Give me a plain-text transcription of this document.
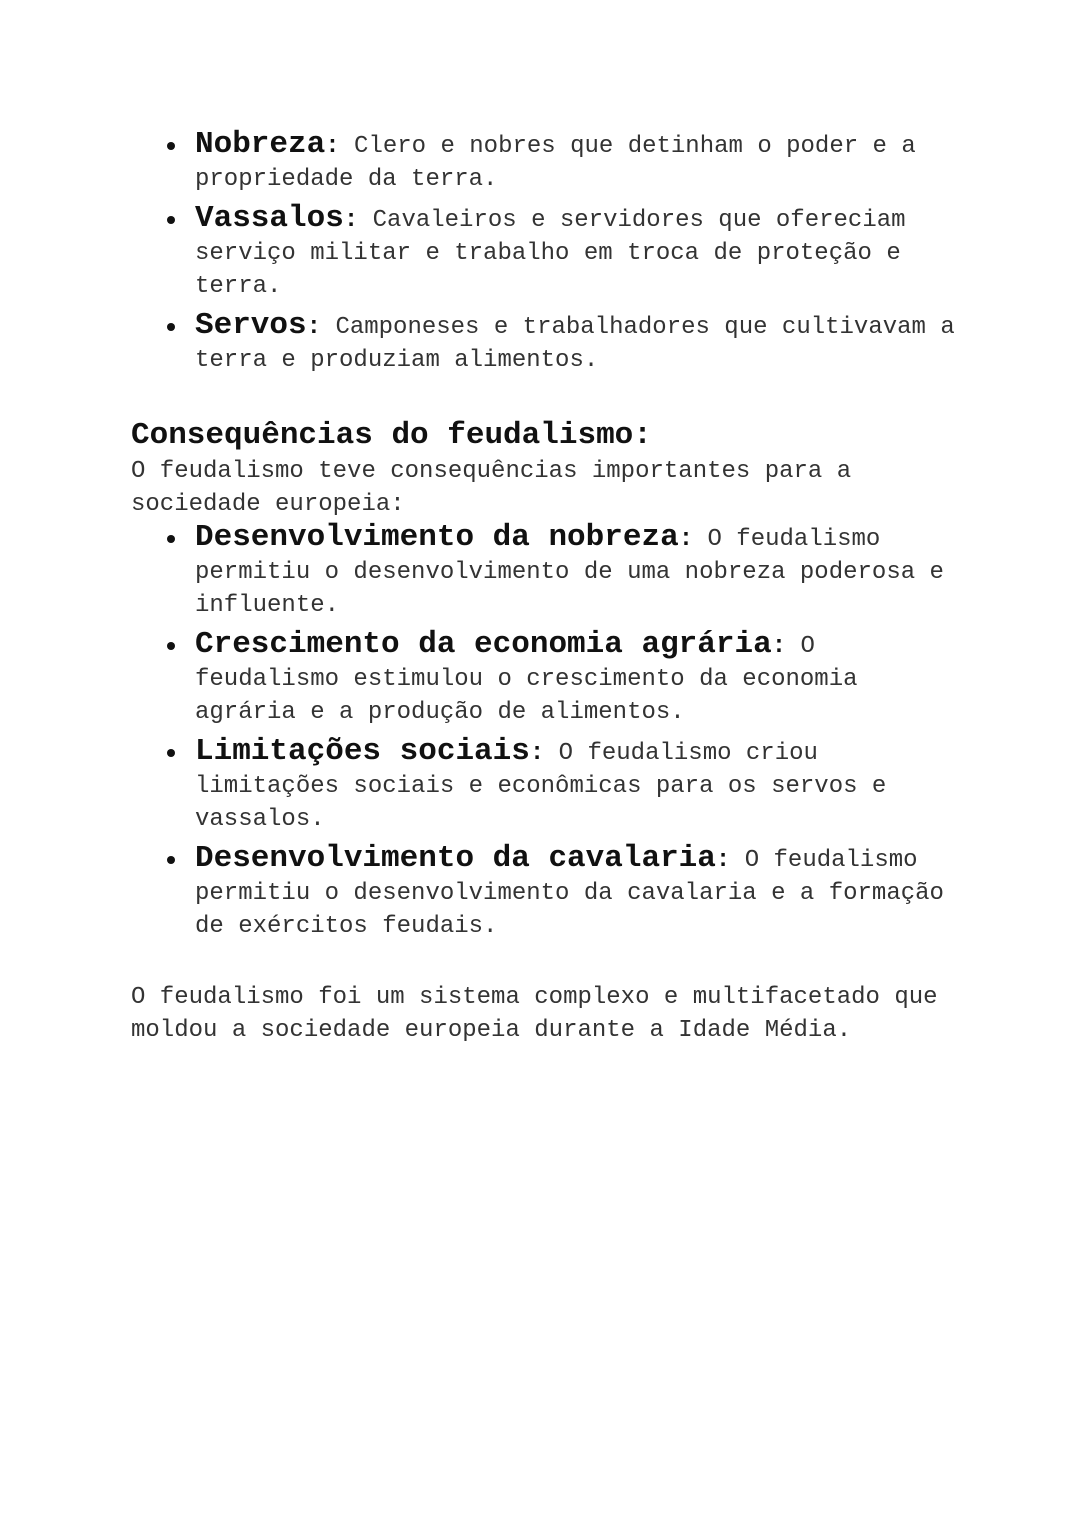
Nobreza: Clero e nobres que detinham o poder e a propriedade da terra.
Vassalos: Cavaleiros e servidores que ofereciam serviço militar e trabalho em troca de proteção e terra.
Servos: Camponeses e trabalhadores que cultivavam a terra e produziam alimentos.
Consequências do feudalismo:

O feudalismo teve consequências importantes para a sociedade europeia:

Desenvolvimento da nobreza: O feudalismo permitiu o desenvolvimento de uma nobreza poderosa e influente.
Crescimento da economia agrária: O feudalismo estimulou o crescimento da economia agrária e a produção de alimentos.
Limitações sociais: O feudalismo criou limitações sociais e econômicas para os servos e vassalos.
Desenvolvimento da cavalaria: O feudalismo permitiu o desenvolvimento da cavalaria e a formação de exércitos feudais.

O feudalismo foi um sistema complexo e multifacetado que moldou a sociedade europeia durante a Idade Média.
